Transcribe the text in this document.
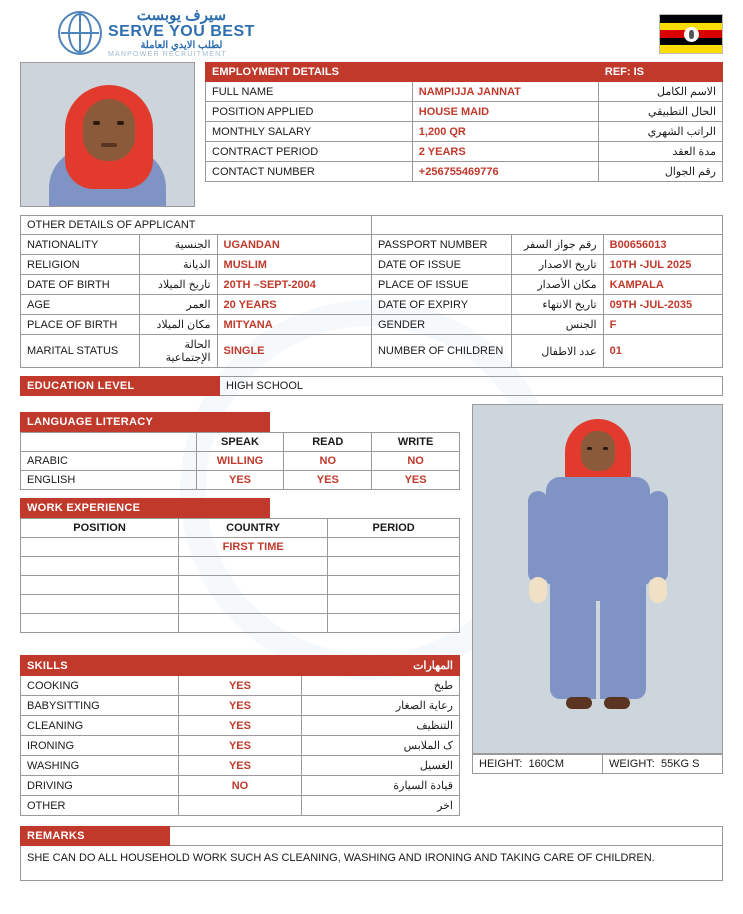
سيرف يوبست
SERVE YOU BEST
لطلب الايدي العاملة
MANPOWER RECRUITMENT
EMPLOYMENT DETAILS		REF: IS
FULL NAME	NAMPIJJA JANNAT	الاسم الكامل
POSITION APPLIED	HOUSE MAID	الحال التطبيقي
MONTHLY SALARY	1,200 QR	الراتب الشهري
CONTRACT PERIOD	2 YEARS	مدة العقد
CONTACT NUMBER	+256755469776	رقم الجوال
OTHER DETAILS OF APPLICANT					
NATIONALITY	الجنسية	UGANDAN	PASSPORT NUMBER	رقم جواز السفر	B00656013
RELIGION	الديانة	MUSLIM	DATE OF ISSUE	تاريخ الاصدار	10TH -JUL 2025
DATE OF BIRTH	تاريخ الميلاد	20TH –SEPT-2004	PLACE OF ISSUE	مكان الأصدار	KAMPALA
AGE	العمر	20 YEARS	DATE OF EXPIRY	تاريخ الانتهاء	09TH -JUL-2035
PLACE OF BIRTH	مكان الميلاد	MITYANA	GENDER	الجنس	F
MARITAL STATUS	الحالة الإجتماعية	SINGLE	NUMBER OF CHILDREN	عدد الاطفال	01
EDUCATION LEVEL	HIGH SCHOOL
LANGUAGE LITERACY
	SPEAK	READ	WRITE
ARABIC	WILLING	NO	NO
ENGLISH	YES	YES	YES
WORK EXPERIENCE
POSITION	COUNTRY	PERIOD
	FIRST TIME	

SKILLS		المهارات
COOKING	YES	طبخ
BABYSITTING	YES	رعاية الصغار
CLEANING	YES	التنظيف
IRONING	YES	ک الملابس
WASHING	YES	الغسيل
DRIVING	NO	قيادة السيارة
OTHER		اخر
HEIGHT: 160CM	WEIGHT: 55KG S
REMARKS
SHE CAN DO ALL HOUSEHOLD WORK SUCH AS CLEANING, WASHING AND IRONING AND TAKING CARE OF CHILDREN.
